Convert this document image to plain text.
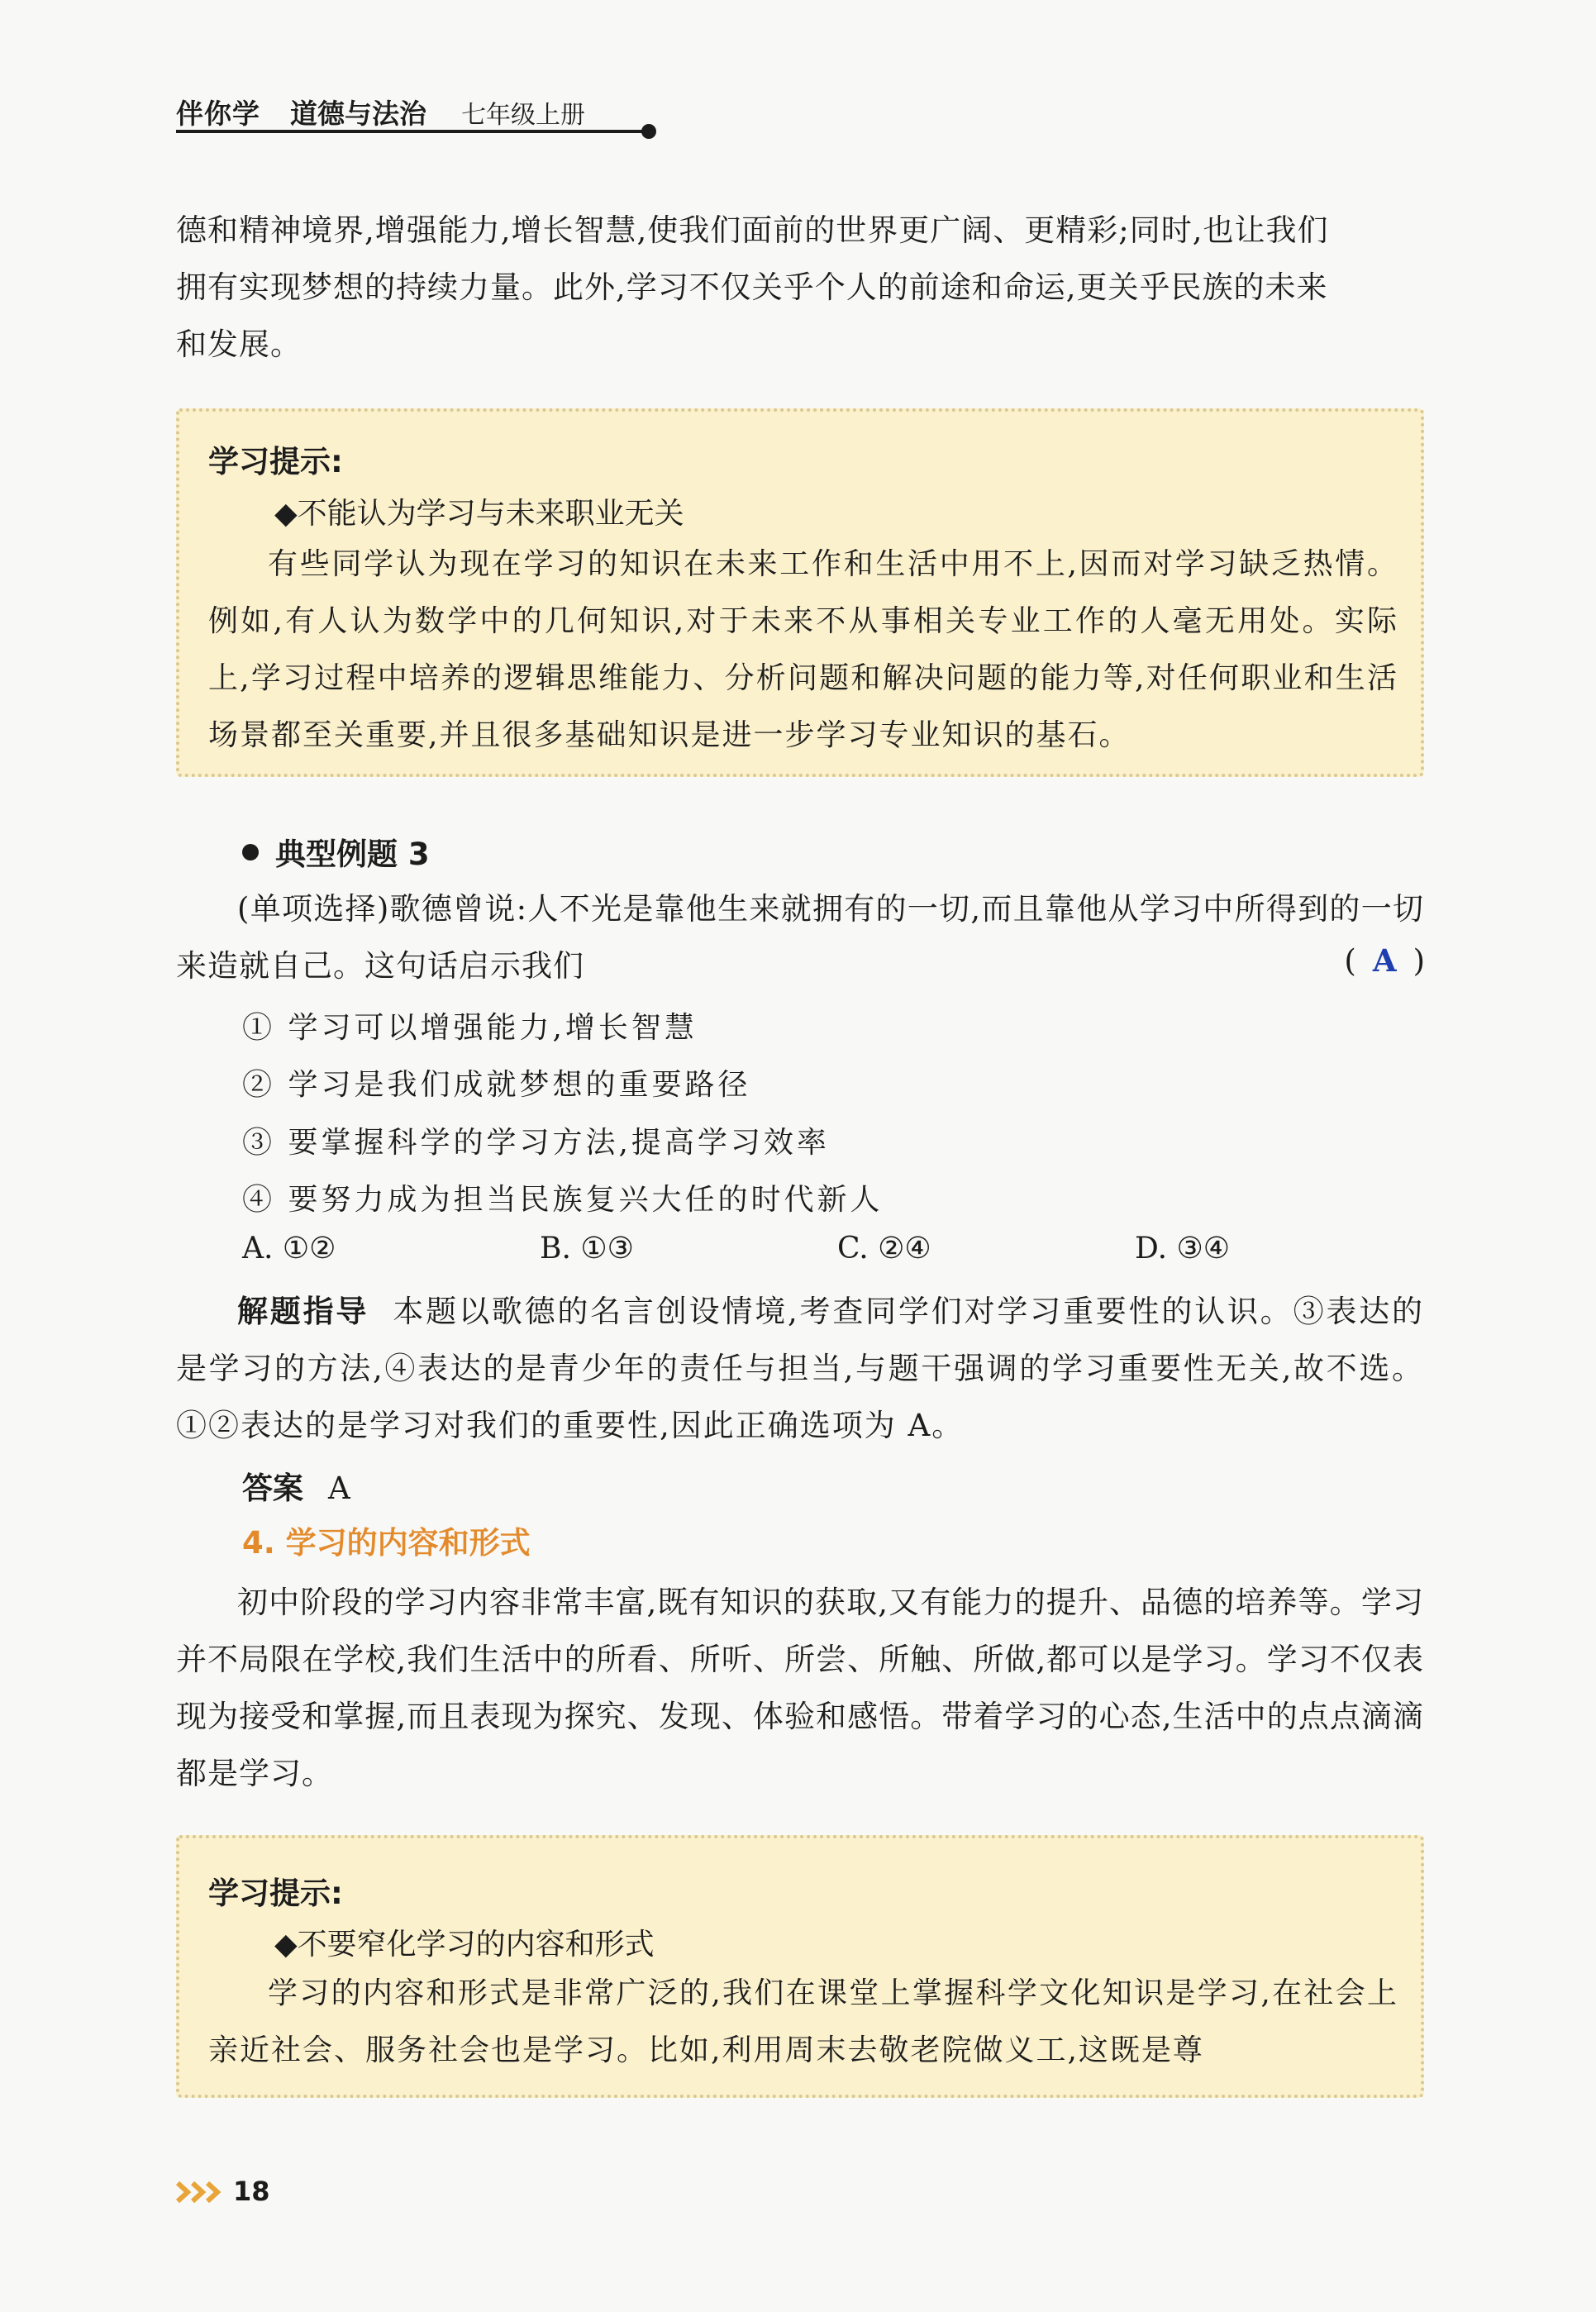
伴你学 道德与法治 七年级上册
德和精神境界,增强能力,增长智慧,使我们面前的世界更广阔、更精彩;同时,也让我们
拥有实现梦想的持续力量。此外,学习不仅关乎个人的前途和命运,更关乎民族的未来
和发展。
学习提示:
◆不能认为学习与未来职业无关
有些同学认为现在学习的知识在未来工作和生活中用不上,因而对学习缺乏热情。例如,有人认为数学中的几何知识,对于未来不从事相关专业工作的人毫无用处。实际上,学习过程中培养的逻辑思维能力、分析问题和解决问题的能力等,对任何职业和生活场景都至关重要,并且很多基础知识是进一步学习专业知识的基石。
典型例题 3
(单项选择)歌德曾说:人不光是靠他生来就拥有的一切,而且靠他从学习中所得到的一切来造就自己。这句话启示我们	( A )
① 学习可以增强能力,增长智慧
② 学习是我们成就梦想的重要路径
③ 要掌握科学的学习方法,提高学习效率
④ 要努力成为担当民族复兴大任的时代新人
A. ①②	B. ①③	C. ②④	D. ③④
解题指导 本题以歌德的名言创设情境,考查同学们对学习重要性的认识。③表达的是学习的方法,④表达的是青少年的责任与担当,与题干强调的学习重要性无关,故不选。①②表达的是学习对我们的重要性,因此正确选项为 A。
答案 A
4. 学习的内容和形式
初中阶段的学习内容非常丰富,既有知识的获取,又有能力的提升、品德的培养等。学习并不局限在学校,我们生活中的所看、所听、所尝、所触、所做,都可以是学习。学习不仅表现为接受和掌握,而且表现为探究、发现、体验和感悟。带着学习的心态,生活中的点点滴滴都是学习。
学习提示:
◆不要窄化学习的内容和形式
学习的内容和形式是非常广泛的,我们在课堂上掌握科学文化知识是学习,在社会上亲近社会、服务社会也是学习。比如,利用周末去敬老院做义工,这既是尊
18
